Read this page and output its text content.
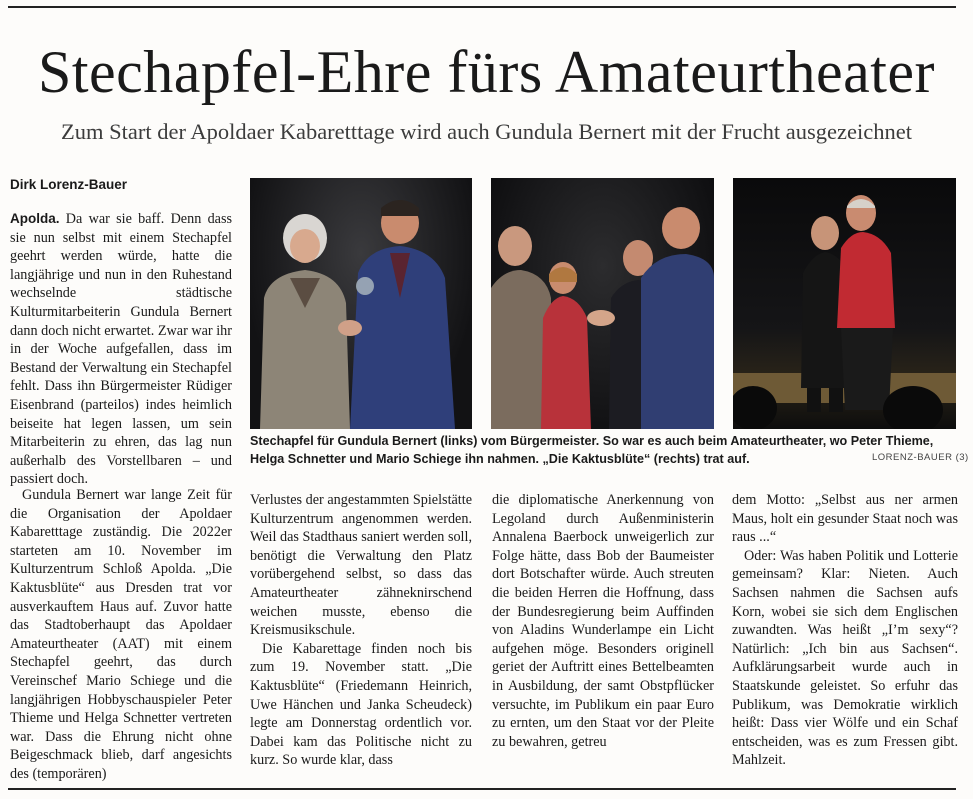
Stechapfel-Ehre fürs Amateurtheater
Zum Start der Apoldaer Kabaretttage wird auch Gundula Bernert mit der Frucht ausgezeichnet
Dirk Lorenz-Bauer

Apolda. Da war sie baff. Denn dass sie nun selbst mit einem Stechapfel geehrt werden würde, hatte die langjährige und nun in den Ruhestand wechselnde städtische Kulturmitarbeiterin Gundula Bernert dann doch nicht erwartet. Zwar war ihr in der Woche aufgefallen, dass im Bestand der Verwaltung ein Stechapfel fehlt. Dass ihn Bürgermeister Rüdiger Eisenbrand (parteilos) indes heimlich beiseite hat legen lassen, um sein Mitarbeiterin zu ehren, das lag nun außerhalb des Vorstellbaren – und passiert doch.

Gundula Bernert war lange Zeit für die Organisation der Apoldaer Kabaretttage zuständig. Die 2022er starteten am 10. November im Kulturzentrum Schloß Apolda. „Die Kaktusblüte“ aus Dresden trat vor ausverkauftem Haus auf. Zuvor hatte das Stadtoberhaupt das Apoldaer Amateurtheater (AAT) mit einem Stechapfel geehrt, das durch Vereinschef Mario Schiege und die langjährigen Hobbyschauspieler Peter Thieme und Helga Schnetter vertreten war. Dass die Ehrung nicht ohne Beigeschmack blieb, darf angesichts des (temporären)

Stechapfel für Gundula Bernert (links) vom Bürgermeister. So war es auch beim Amateurtheater, wo Peter Thieme, Helga Schnetter und Mario Schiege ihn nahmen. „Die Kaktusblüte“ (rechts) trat auf.	LORENZ-BAUER (3)

Verlustes der angestammten Spielstätte Kulturzentrum angenommen werden. Weil das Stadthaus saniert werden soll, benötigt die Verwaltung den Platz vorübergehend selbst, so dass das Amateurtheater zähneknirschend weichen musste, ebenso die Kreismusikschule.

Die Kabarettage finden noch bis zum 19. November statt. „Die Kaktusblüte“ (Friedemann Heinrich, Uwe Hänchen und Janka Scheudeck) legte am Donnerstag ordentlich vor. Dabei kam das Politische nicht zu kurz. So wurde klar, dass

die diplomatische Anerkennung von Legoland durch Außenministerin Annalena Baerbock unweigerlich zur Folge hätte, dass Bob der Baumeister dort Botschafter würde. Auch streuten die beiden Herren die Hoffnung, dass der Bundesregierung beim Auffinden von Aladins Wunderlampe ein Licht aufgehen möge. Besonders originell geriet der Auftritt eines Bettelbeamten in Ausbildung, der samt Obstpflücker versuchte, im Publikum ein paar Euro zu ernten, um den Staat vor der Pleite zu bewahren, getreu

dem Motto: „Selbst aus ner armen Maus, holt ein gesunder Staat noch was raus ...“

Oder: Was haben Politik und Lotterie gemeinsam? Klar: Nieten. Auch Sachsen nahmen die Sachsen aufs Korn, wobei sie sich dem Englischen zuwandten. Was heißt „I’m sexy“? Natürlich: „Ich bin aus Sachsen“. Aufklärungsarbeit wurde auch in Staatskunde geleistet. So erfuhr das Publikum, was Demokratie wirklich heißt: Dass vier Wölfe und ein Schaf entscheiden, was es zum Fressen gibt. Mahlzeit.
